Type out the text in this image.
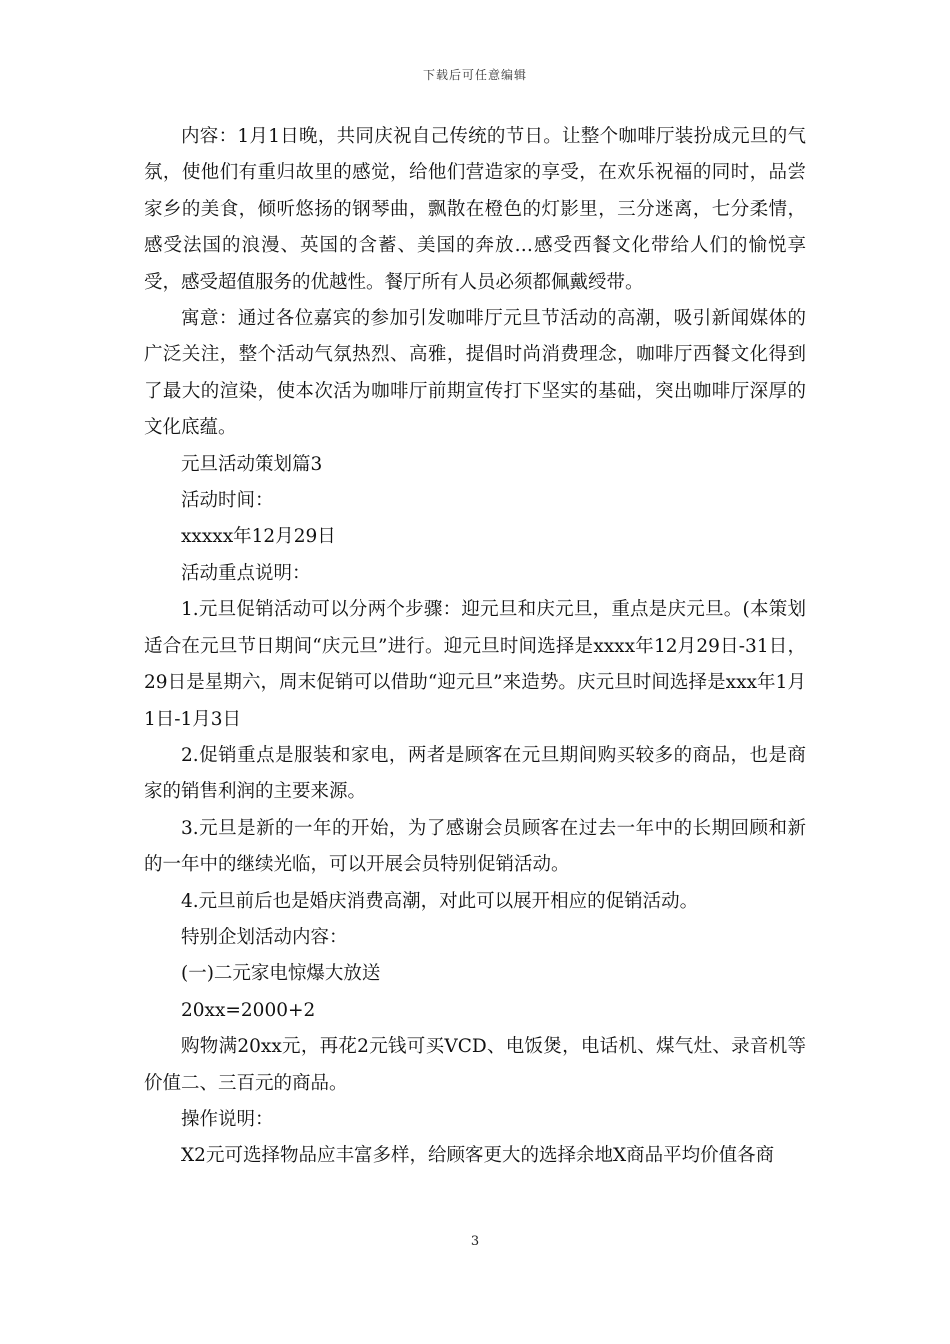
下载后可任意编辑

内容：1月1日晚，共同庆祝自己传统的节日。让整个咖啡厅装扮成元旦的气氛，使他们有重归故里的感觉，给他们营造家的享受，在欢乐祝福的同时，品尝家乡的美食，倾听悠扬的钢琴曲，飘散在橙色的灯影里，三分迷离，七分柔情，感受法国的浪漫、英国的含蓄、美国的奔放…感受西餐文化带给人们的愉悦享受，感受超值服务的优越性。餐厅所有人员必须都佩戴绶带。

寓意：通过各位嘉宾的参加引发咖啡厅元旦节活动的高潮，吸引新闻媒体的广泛关注，整个活动气氛热烈、高雅，提倡时尚消费理念，咖啡厅西餐文化得到了最大的渲染，使本次活为咖啡厅前期宣传打下坚实的基础，突出咖啡厅深厚的文化底蕴。

元旦活动策划篇3

活动时间：

xxxxx年12月29日

活动重点说明：

1.元旦促销活动可以分两个步骤：迎元旦和庆元旦，重点是庆元旦。(本策划适合在元旦节日期间“庆元旦”进行。迎元旦时间选择是xxxx年12月29日-31日，29日是星期六，周末促销可以借助“迎元旦”来造势。庆元旦时间选择是xxx年1月1日-1月3日

2.促销重点是服装和家电，两者是顾客在元旦期间购买较多的商品，也是商家的销售利润的主要来源。

3.元旦是新的一年的开始，为了感谢会员顾客在过去一年中的长期回顾和新的一年中的继续光临，可以开展会员特别促销活动。

4.元旦前后也是婚庆消费高潮，对此可以展开相应的促销活动。

特别企划活动内容：

(一)二元家电惊爆大放送

20xx=2000+2

购物满20xx元，再花2元钱可买VCD、电饭煲，电话机、煤气灶、录音机等价值二、三百元的商品。

操作说明：

X2元可选择物品应丰富多样，给顾客更大的选择余地X商品平均价值各商

3
